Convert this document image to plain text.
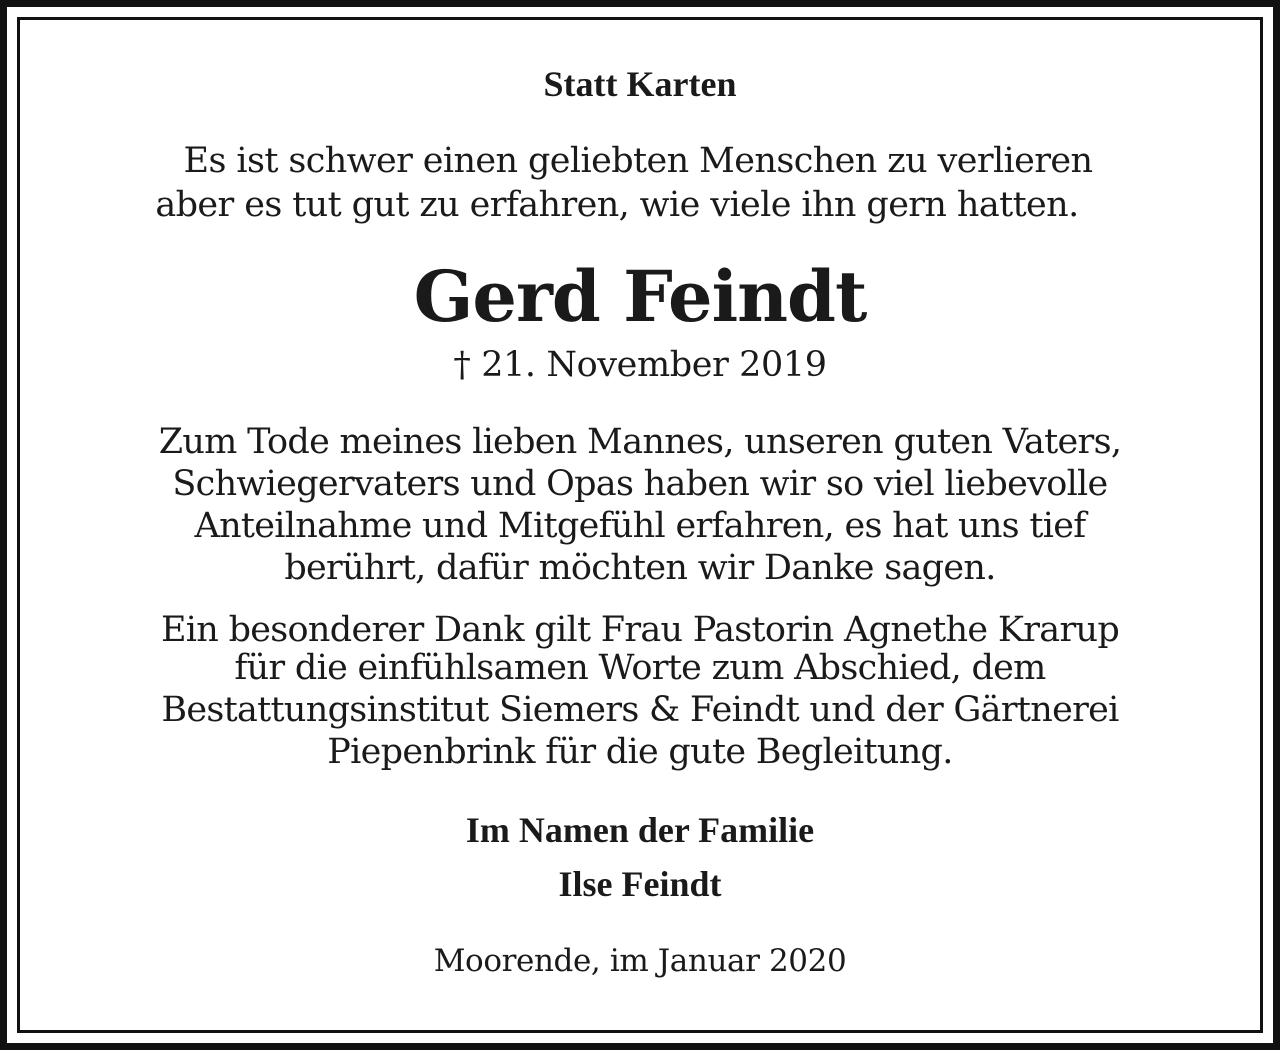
Statt Karten
Es ist schwer einen geliebten Menschen zu verlieren
aber es tut gut zu erfahren, wie viele ihn gern hatten.
Gerd Feindt
† 21. November 2019
Zum Tode meines lieben Mannes, unseren guten Vaters,
Schwiegervaters und Opas haben wir so viel liebevolle
Anteilnahme und Mitgefühl erfahren, es hat uns tief
berührt, dafür möchten wir Danke sagen.
Ein besonderer Dank gilt Frau Pastorin Agnethe Krarup
für die einfühlsamen Worte zum Abschied, dem
Bestattungsinstitut Siemers & Feindt und der Gärtnerei
Piepenbrink für die gute Begleitung.
Im Namen der Familie
Ilse Feindt
Moorende, im Januar 2020
